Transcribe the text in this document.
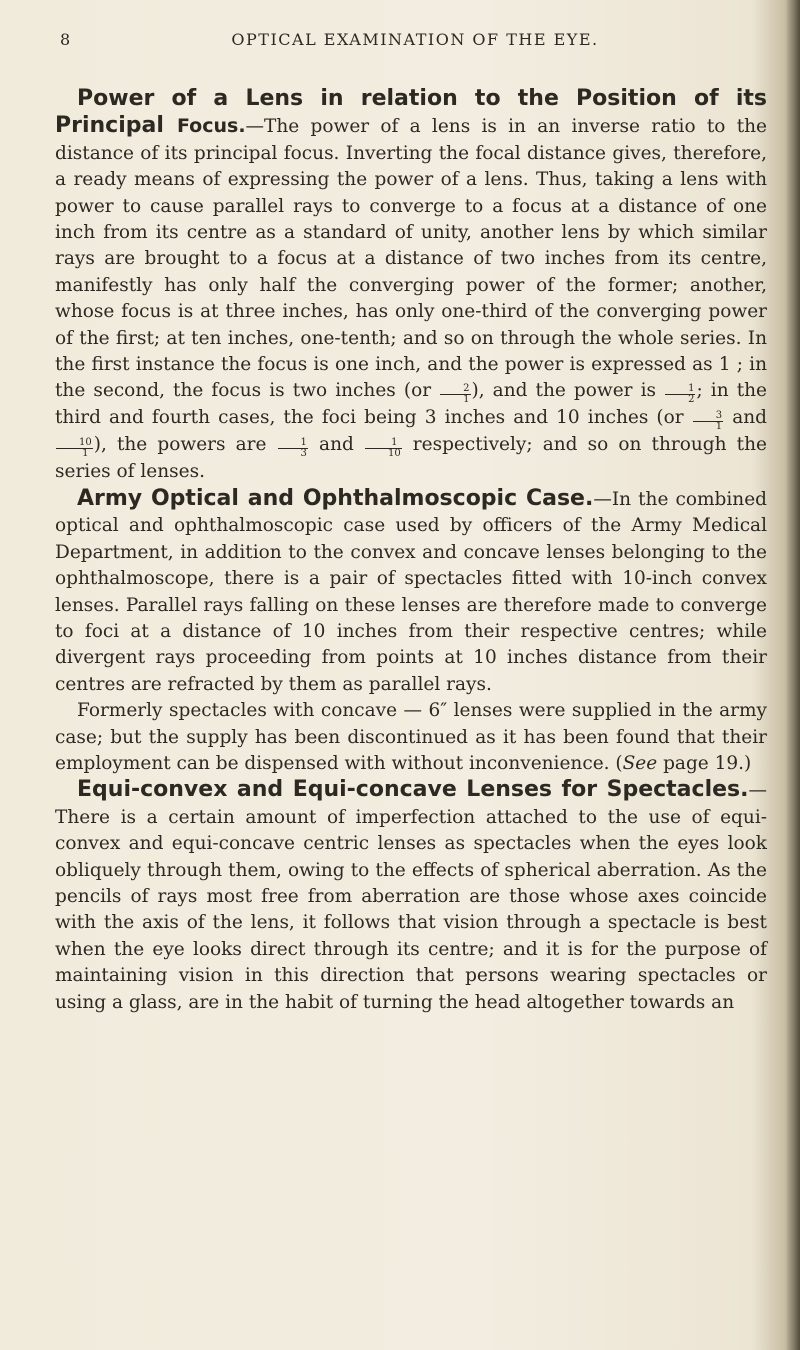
8	OPTICAL EXAMINATION OF THE EYE.

Power of a Lens in relation to the Position of its Principal Focus.—The power of a lens is in an inverse ratio to the distance of its principal focus. Inverting the focal distance gives, therefore, a ready means of expressing the power of a lens. Thus, taking a lens with power to cause parallel rays to converge to a focus at a distance of one inch from its centre as a standard of unity, another lens by which similar rays are brought to a focus at a distance of two inches from its centre, manifestly has only half the converging power of the former; another, whose focus is at three inches, has only one-third of the converging power of the first; at ten inches, one-tenth; and so on through the whole series. In the first instance the focus is one inch, and the power is expressed as 1 ; in the second, the focus is two inches ($or \frac{2}{1}$ ), and the power is $\frac{1}{2}$ ; in the third and fourth cases, the foci being 3 inches and 10 inches ($or \frac{3}{1}$ and
$\frac{10}{1}$ ), the powers are $\frac{1}{3}$ and $\frac{1}{10}$ respectively; and so on through the series of lenses.

Army Optical and Ophthalmoscopic Case.—In the combined optical and ophthalmoscopic case used by officers of the Army Medical Department, in addition to the convex and concave lenses belonging to the ophthalmoscope, there is a pair of spectacles fitted with 10-inch convex lenses. Parallel rays falling on these lenses are therefore made to converge to foci at a distance of 10 inches from their respective centres; while divergent rays proceeding from points at 10 inches distance from their centres are refracted by them as parallel rays.

Formerly spectacles with concave — 6″ lenses were supplied in the army case; but the supply has been discontinued as it has been found that their employment can be dispensed with without inconvenience. (See page 19.)

Equi-convex and Equi-concave Lenses for Spectacles.—There is a certain amount of imperfection attached to the use of equi-convex and equi-concave centric lenses as spectacles when the eyes look obliquely through them, owing to the effects of spherical aberration. As the pencils of rays most free from aberration are those whose axes coincide with the axis of the lens, it follows that vision through a spectacle is best when the eye looks direct through its centre; and it is for the purpose of maintaining vision in this direction that persons wearing spectacles or using a glass, are in the habit of turning the head altogether towards an
